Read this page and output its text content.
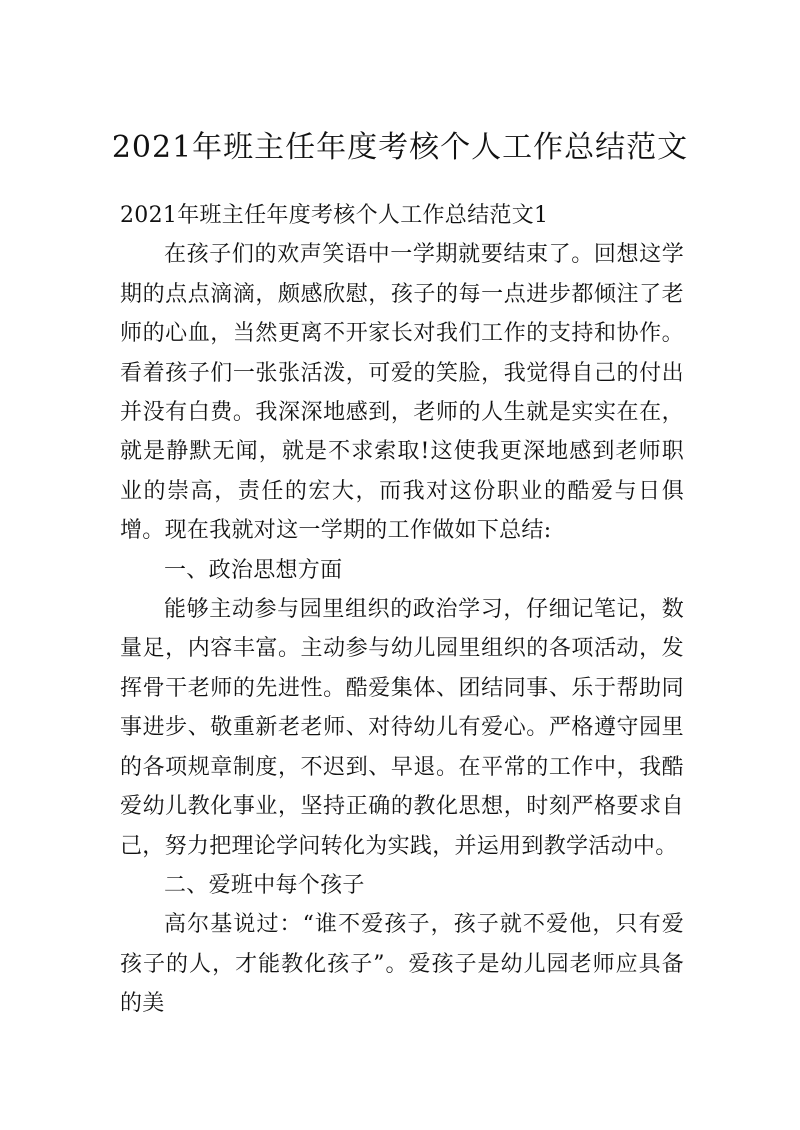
2021年班主任年度考核个人工作总结范文

2021年班主任年度考核个人工作总结范文1

在孩子们的欢声笑语中一学期就要结束了。回想这学期的点点滴滴，颇感欣慰，孩子的每一点进步都倾注了老师的心血，当然更离不开家长对我们工作的支持和协作。看着孩子们一张张活泼，可爱的笑脸，我觉得自己的付出并没有白费。我深深地感到，老师的人生就是实实在在，就是静默无闻，就是不求索取!这使我更深地感到老师职业的崇高，责任的宏大，而我对这份职业的酷爱与日俱增。现在我就对这一学期的工作做如下总结:

一、政治思想方面

能够主动参与园里组织的政治学习，仔细记笔记，数量足，内容丰富。主动参与幼儿园里组织的各项活动，发挥骨干老师的先进性。酷爱集体、团结同事、乐于帮助同事进步、敬重新老老师、对待幼儿有爱心。严格遵守园里的各项规章制度，不迟到、早退。在平常的工作中，我酷爱幼儿教化事业，坚持正确的教化思想，时刻严格要求自己，努力把理论学问转化为实践，并运用到教学活动中。

二、爱班中每个孩子

高尔基说过：“谁不爱孩子，孩子就不爱他，只有爱孩子的人，才能教化孩子”。爱孩子是幼儿园老师应具备的美
